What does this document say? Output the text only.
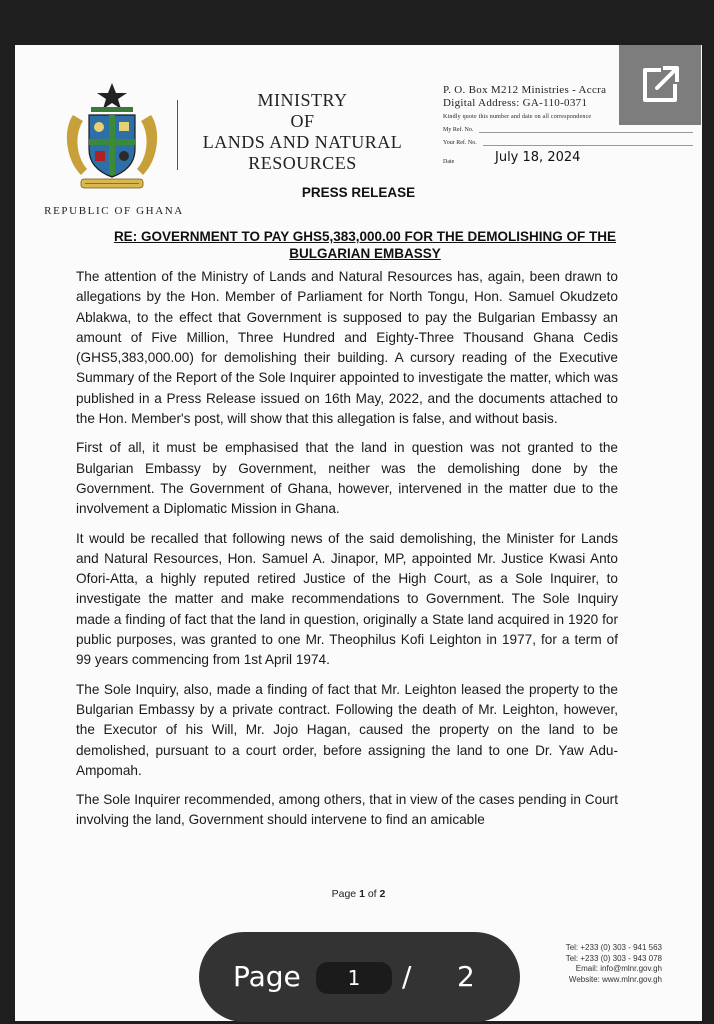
REPUBLIC OF GHANA
MINISTRY
OF
LANDS AND NATURAL
RESOURCES
P. O. Box M212 Ministries - Accra
Digital Address: GA-110-0371
Kindly quote this number and date on all correspondence
My Ref. No.
Your Ref. No.
Date	July 18, 2024
PRESS RELEASE
RE: GOVERNMENT TO PAY GHS5,383,000.00 FOR THE DEMOLISHING OF THE BULGARIAN EMBASSY

The attention of the Ministry of Lands and Natural Resources has, again, been drawn to allegations by the Hon. Member of Parliament for North Tongu, Hon. Samuel Okudzeto Ablakwa, to the effect that Government is supposed to pay the Bulgarian Embassy an amount of Five Million, Three Hundred and Eighty-Three Thousand Ghana Cedis (GHS5,383,000.00) for demolishing their building. A cursory reading of the Executive Summary of the Report of the Sole Inquirer appointed to investigate the matter, which was published in a Press Release issued on 16th May, 2022, and the documents attached to the Hon. Member's post, will show that this allegation is false, and without basis.

First of all, it must be emphasised that the land in question was not granted to the Bulgarian Embassy by Government, neither was the demolishing done by the Government. The Government of Ghana, however, intervened in the matter due to the involvement a Diplomatic Mission in Ghana.

It would be recalled that following news of the said demolishing, the Minister for Lands and Natural Resources, Hon. Samuel A. Jinapor, MP, appointed Mr. Justice Kwasi Anto Ofori-Atta, a highly reputed retired Justice of the High Court, as a Sole Inquirer, to investigate the matter and make recommendations to Government. The Sole Inquiry made a finding of fact that the land in question, originally a State land acquired in 1920 for public purposes, was granted to one Mr. Theophilus Kofi Leighton in 1977, for a term of 99 years commencing from 1st April 1974.

The Sole Inquiry, also, made a finding of fact that Mr. Leighton leased the property to the Bulgarian Embassy by a private contract. Following the death of Mr. Leighton, however, the Executor of his Will, Mr. Jojo Hagan, caused the property on the land to be demolished, pursuant to a court order, before assigning the land to one Dr. Yaw Adu-Ampomah.

The Sole Inquirer recommended, among others, that in view of the cases pending in Court involving the land, Government should intervene to find an amicable

Page 1 of 2
Tel: +233 (0) 303 - 941 563
Tel: +233 (0) 303 - 943 078
Email: info@mlnr.gov.gh
Website: www.mlnr.gov.gh
Page	1	/ 2
